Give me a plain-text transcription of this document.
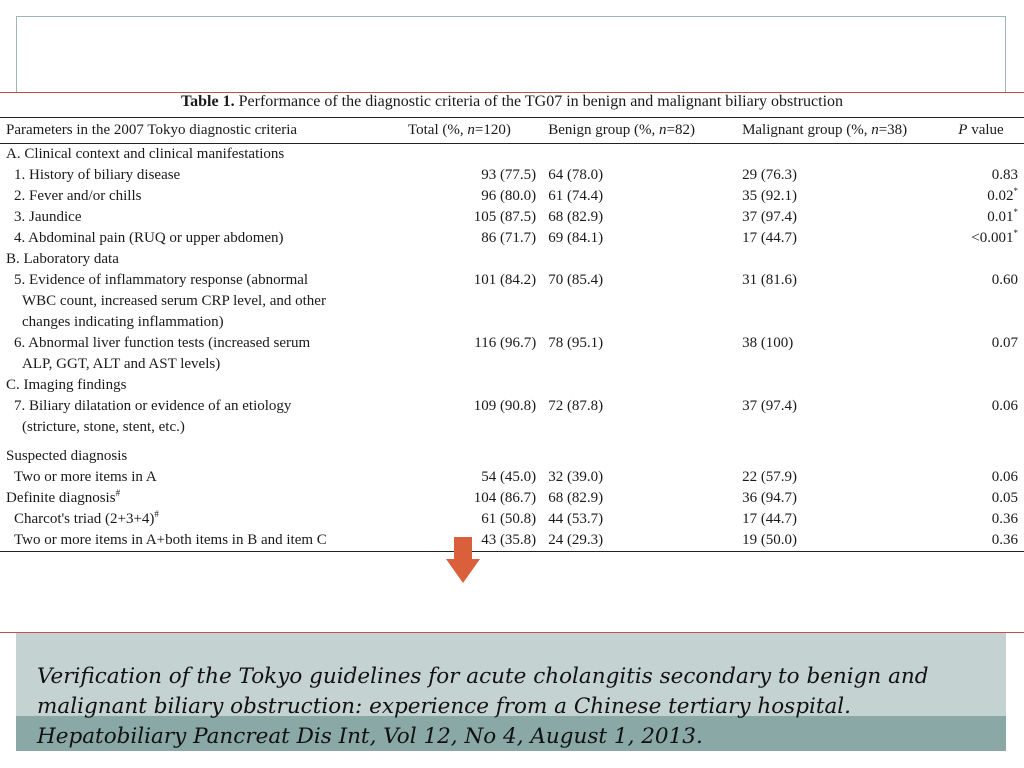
Table 1. Performance of the diagnostic criteria of the TG07 in benign and malignant biliary obstruction
Parameters in the 2007 Tokyo diagnostic criteria	Total (%, n=120)	Benign group (%, n=82)	Malignant group (%, n=38)	P value

A. Clinical context and clinical manifestations				

1. History of biliary disease	93 (77.5)	64 (78.0)	29 (76.3)	0.83

2. Fever and/or chills	96 (80.0)	61 (74.4)	35 (92.1)	0.02*

3. Jaundice	105 (87.5)	68 (82.9)	37 (97.4)	0.01*

4. Abdominal pain (RUQ or upper abdomen)	86 (71.7)	69 (84.1)	17 (44.7)	<0.001*

B. Laboratory data				

5. Evidence of inflammatory response (abnormal
WBC count, increased serum CRP level, and other
changes indicating inflammation)	101 (84.2)	70 (85.4)	31 (81.6)	0.60

6. Abnormal liver function tests (increased serum
ALP, GGT, ALT and AST levels)	116 (96.7)	78 (95.1)	38 (100)	0.07

C. Imaging findings				

7. Biliary dilatation or evidence of an etiology
(stricture, stone, stent, etc.)	109 (90.8)	72 (87.8)	37 (97.4)	0.06

Suspected diagnosis				

Two or more items in A	54 (45.0)	32 (39.0)	22 (57.9)	0.06

Definite diagnosis#	104 (86.7)	68 (82.9)	36 (94.7)	0.05

Charcot's triad (2+3+4)#	61 (50.8)	44 (53.7)	17 (44.7)	0.36

Two or more items in A+both items in B and item C	43 (35.8)	24 (29.3)	19 (50.0)	0.36
Verification of the Tokyo guidelines for acute cholangitis secondary to benign and
malignant biliary obstruction: experience from a Chinese tertiary hospital.
Hepatobiliary Pancreat Dis Int, Vol 12, No 4, August 1, 2013.
